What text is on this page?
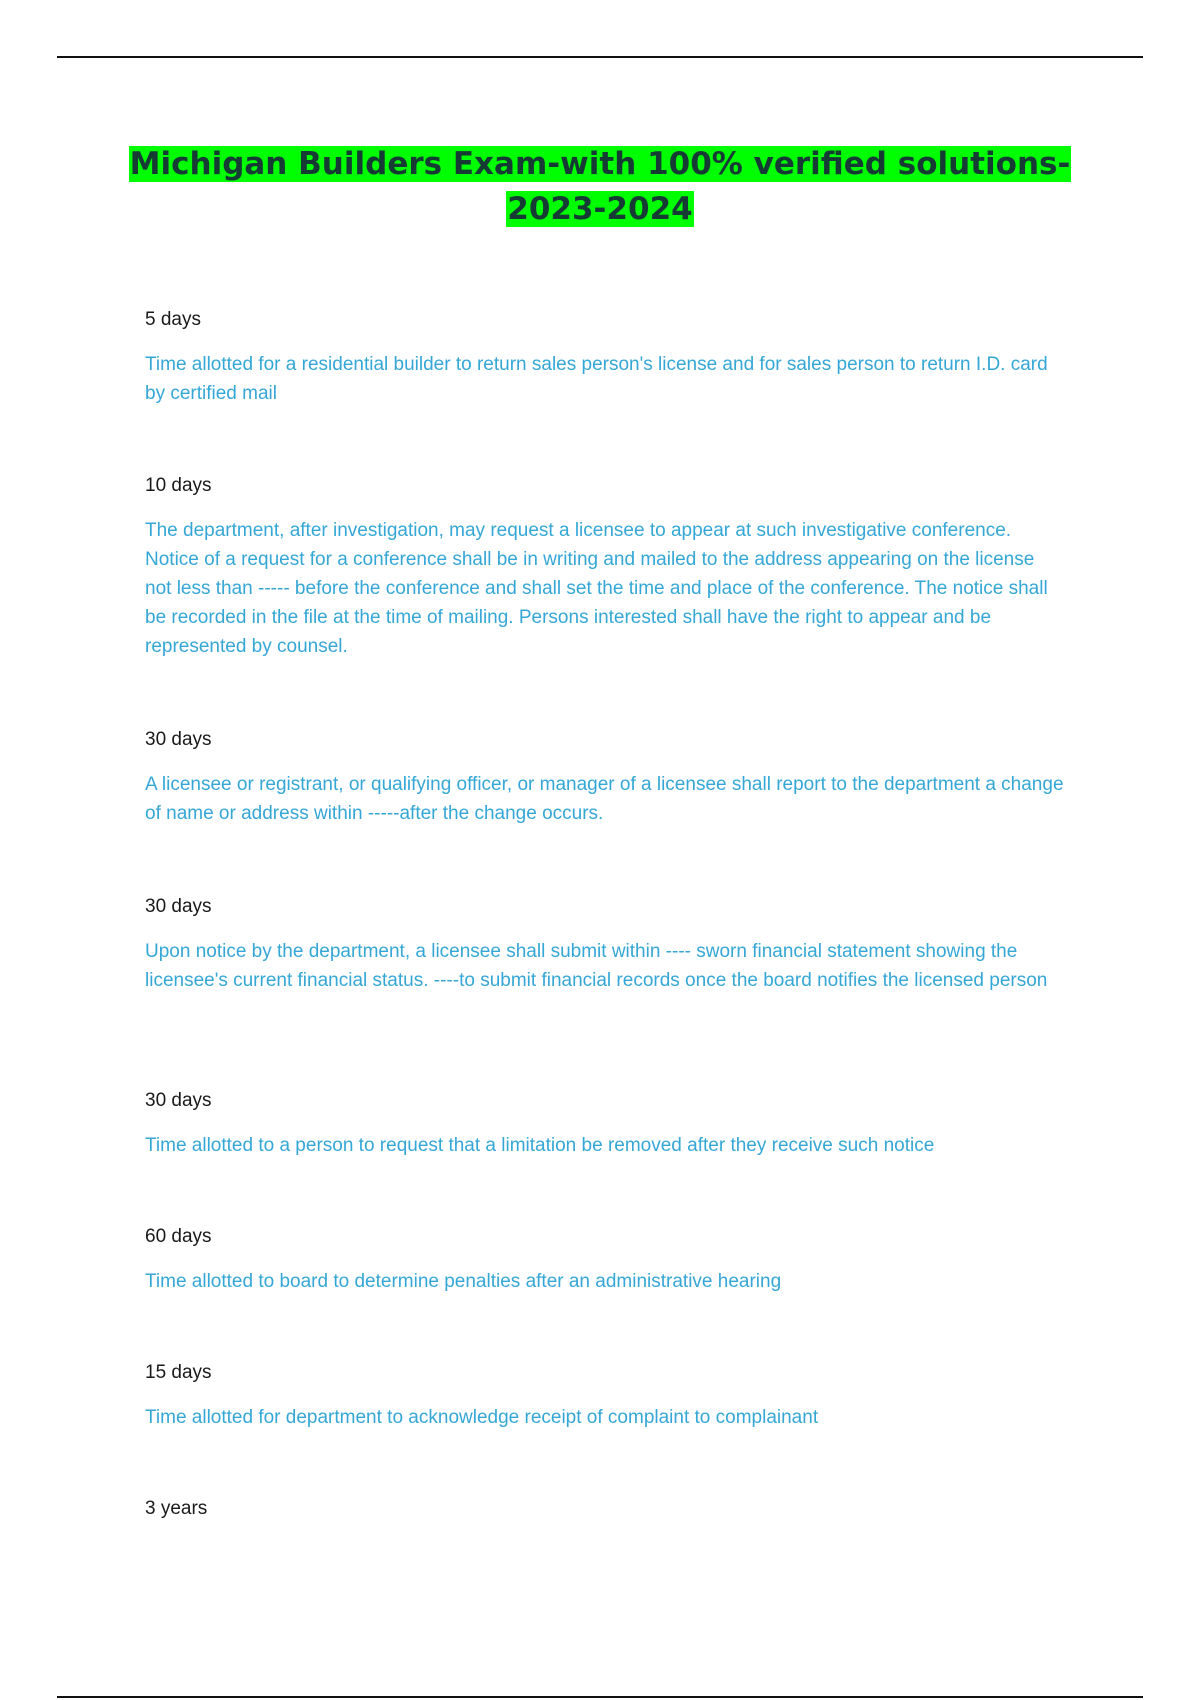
Michigan Builders Exam-with 100% verified solutions-
2023-2024

5 days

Time allotted for a residential builder to return sales person's license and for sales person to return I.D. card by certified mail

10 days

The department, after investigation, may request a licensee to appear at such investigative conference. Notice of a request for a conference shall be in writing and mailed to the address appearing on the license not less than ----- before the conference and shall set the time and place of the conference. The notice shall be recorded in the file at the time of mailing. Persons interested shall have the right to appear and be represented by counsel.

30 days

A licensee or registrant, or qualifying officer, or manager of a licensee shall report to the department a change of name or address within -----after the change occurs.

30 days

Upon notice by the department, a licensee shall submit within ---- sworn financial statement showing the licensee's current financial status. ----to submit financial records once the board notifies the licensed person

30 days

Time allotted to a person to request that a limitation be removed after they receive such notice

60 days

Time allotted to board to determine penalties after an administrative hearing

15 days

Time allotted for department to acknowledge receipt of complaint to complainant

3 years
